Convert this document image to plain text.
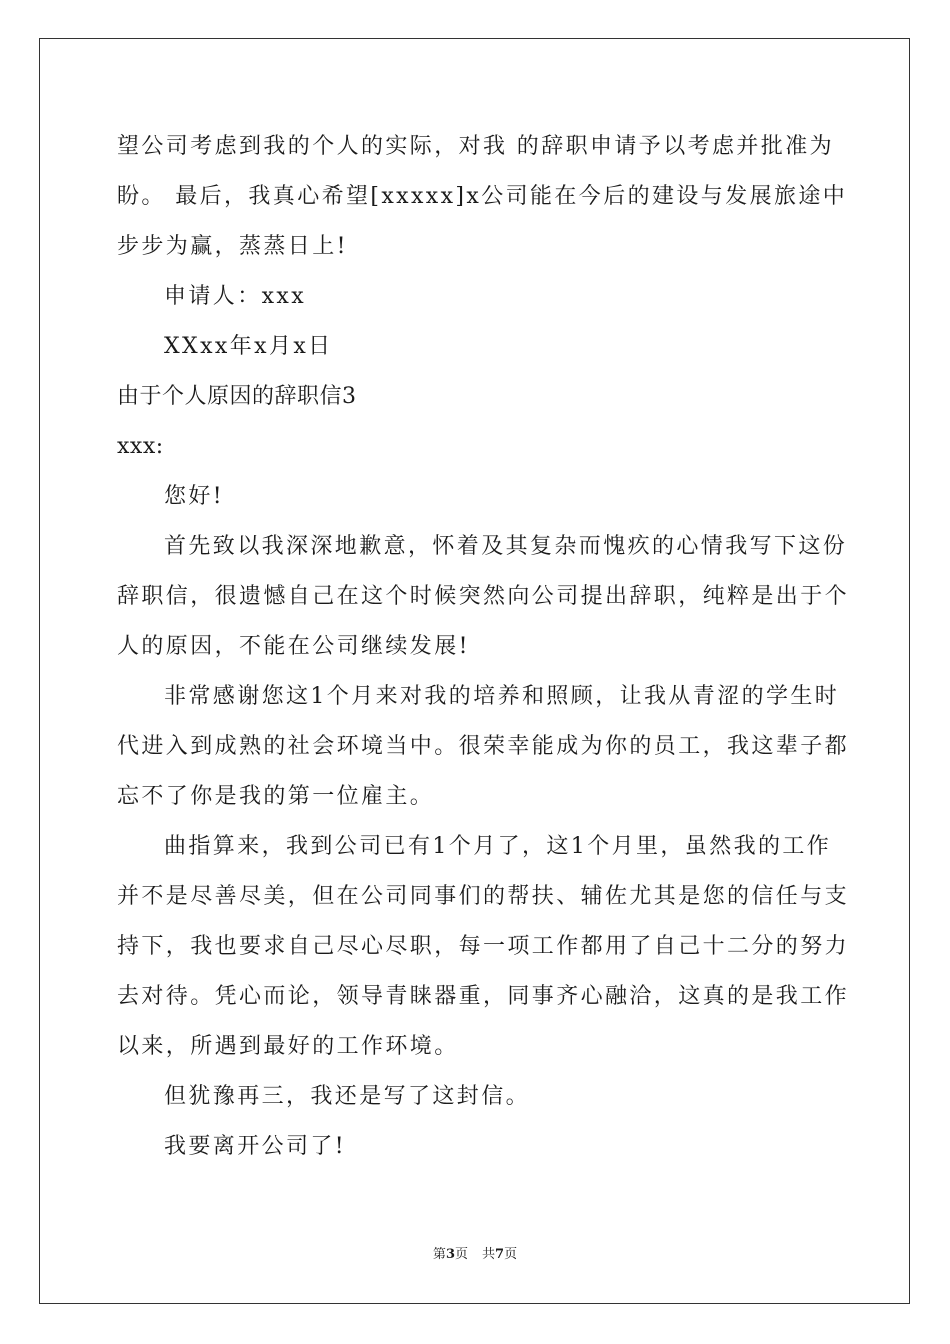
望公司考虑到我的个人的实际，对我 的辞职申请予以考虑并批准为
盼。 最后，我真心希望[xxxxx]x公司能在今后的建设与发展旅途中
步步为赢，蒸蒸日上!
申请人：xxx
XXxx年x月x日
由于个人原因的辞职信3
xxx:
您好!
首先致以我深深地歉意，怀着及其复杂而愧疚的心情我写下这份
辞职信，很遗憾自己在这个时候突然向公司提出辞职，纯粹是出于个
人的原因，不能在公司继续发展!
非常感谢您这1个月来对我的培养和照顾，让我从青涩的学生时
代进入到成熟的社会环境当中。很荣幸能成为你的员工，我这辈子都
忘不了你是我的第一位雇主。
曲指算来，我到公司已有1个月了，这1个月里，虽然我的工作
并不是尽善尽美，但在公司同事们的帮扶、辅佐尤其是您的信任与支
持下，我也要求自己尽心尽职，每一项工作都用了自己十二分的努力
去对待。凭心而论，领导青睐器重，同事齐心融洽，这真的是我工作
以来，所遇到最好的工作环境。
但犹豫再三，我还是写了这封信。
我要离开公司了!
第3页 共7页
